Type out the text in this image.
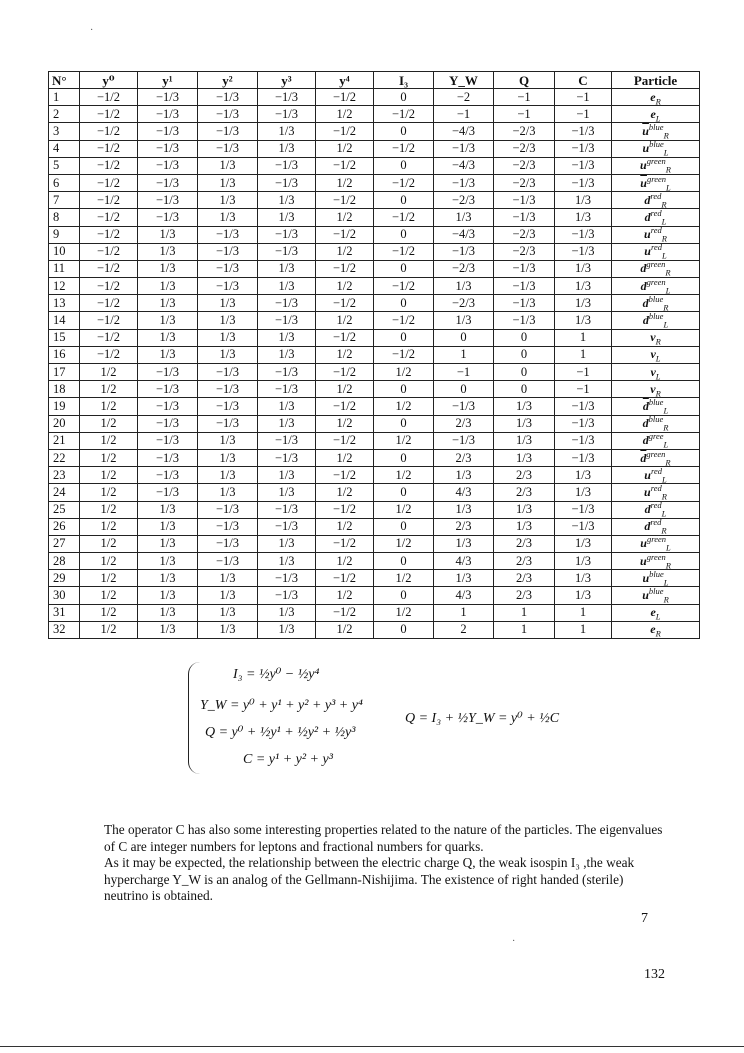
N°	y⁰	y¹	y²	y³	y⁴	I₃	Y_W	Q	C	Particle
1	−1/2	−1/3	−1/3	−1/3	−1/2	0	−2	−1	−1	$e_R$
2	−1/2	−1/3	−1/3	−1/3	1/2	−1/2	−1	−1	−1	$e_L$
3	−1/2	−1/3	−1/3	1/3	−1/2	0	−4/3	−2/3	−1/3	$\overline{u}^{blue}_R$
4	−1/2	−1/3	−1/3	1/3	1/2	−1/2	−1/3	−2/3	−1/3	$\overline{u}^{blue}_L$
5	−1/2	−1/3	1/3	−1/3	−1/2	0	−4/3	−2/3	−1/3	$\overline{u}^{green}_R$
6	−1/2	−1/3	1/3	−1/3	1/2	−1/2	−1/3	−2/3	−1/3	$\overline{u}^{green}_L$
7	−1/2	−1/3	1/3	1/3	−1/2	0	−2/3	−1/3	1/3	$d^{red}_R$
8	−1/2	−1/3	1/3	1/3	1/2	−1/2	1/3	−1/3	1/3	$d^{red}_L$
9	−1/2	1/3	−1/3	−1/3	−1/2	0	−4/3	−2/3	−1/3	$\overline{u}^{red}_R$
10	−1/2	1/3	−1/3	−1/3	1/2	−1/2	−1/3	−2/3	−1/3	$\overline{u}^{red}_L$
11	−1/2	1/3	−1/3	1/3	−1/2	0	−2/3	−1/3	1/3	$d^{green}_R$
12	−1/2	1/3	−1/3	1/3	1/2	−1/2	1/3	−1/3	1/3	$d^{green}_L$
13	−1/2	1/3	1/3	−1/3	−1/2	0	−2/3	−1/3	1/3	$d^{blue}_R$
14	−1/2	1/3	1/3	−1/3	1/2	−1/2	1/3	−1/3	1/3	$d^{blue}_L$
15	−1/2	1/3	1/3	1/3	−1/2	0	0	0	1	$\overline{\nu}_R$
16	−1/2	1/3	1/3	1/3	1/2	−1/2	1	0	1	$\overline{\nu}_L$
17	1/2	−1/3	−1/3	−1/3	−1/2	1/2	−1	0	−1	$\nu_L$
18	1/2	−1/3	−1/3	−1/3	1/2	0	0	0	−1	$\nu_R$
19	1/2	−1/3	−1/3	1/3	−1/2	1/2	−1/3	1/3	−1/3	$\overline{d}^{blue}_L$
20	1/2	−1/3	−1/3	1/3	1/2	0	2/3	1/3	−1/3	$\overline{d}^{blue}_R$
21	1/2	−1/3	1/3	−1/3	−1/2	1/2	−1/3	1/3	−1/3	$\overline{d}^{gree}_L$
22	1/2	−1/3	1/3	−1/3	1/2	0	2/3	1/3	−1/3	$\overline{d}^{green}_R$
23	1/2	−1/3	1/3	1/3	−1/2	1/2	1/3	2/3	1/3	$u^{red}_L$
24	1/2	−1/3	1/3	1/3	1/2	0	4/3	2/3	1/3	$u^{red}_R$
25	1/2	1/3	−1/3	−1/3	−1/2	1/2	1/3	1/3	−1/3	$\overline{d}^{red}_L$
26	1/2	1/3	−1/3	−1/3	1/2	0	2/3	1/3	−1/3	$\overline{d}^{red}_R$
27	1/2	1/3	−1/3	1/3	−1/2	1/2	1/3	2/3	1/3	$u^{green}_L$
28	1/2	1/3	−1/3	1/3	1/2	0	4/3	2/3	1/3	$u^{green}_R$
29	1/2	1/3	1/3	−1/3	−1/2	1/2	1/3	2/3	1/3	$u^{blue}_L$
30	1/2	1/3	1/3	−1/3	1/2	0	4/3	2/3	1/3	$u^{blue}_R$
31	1/2	1/3	1/3	1/3	−1/2	1/2	1	1	1	$\overline{e}_L$
32	1/2	1/3	1/3	1/3	1/2	0	2	1	1	$\overline{e}_R$
I₃ = ½y⁰ − ½y⁴
Y_W = y⁰ + y¹ + y² + y³ + y⁴
Q = y⁰ + ½y¹ + ½y² + ½y³
C = y¹ + y² + y³
Q = I₃ + ½Y_W = y⁰ + ½C

The operator C has also some interesting properties related to the nature of the particles. The eigenvalues of C are integer numbers for leptons and fractional numbers for quarks.

As it may be expected, the relationship between the electric charge Q, the weak isospin I₃ ,the weak hypercharge Y_W is an analog of the Gellmann-Nishijima. The existence of right handed (sterile) neutrino is obtained.

7
132
·
·
